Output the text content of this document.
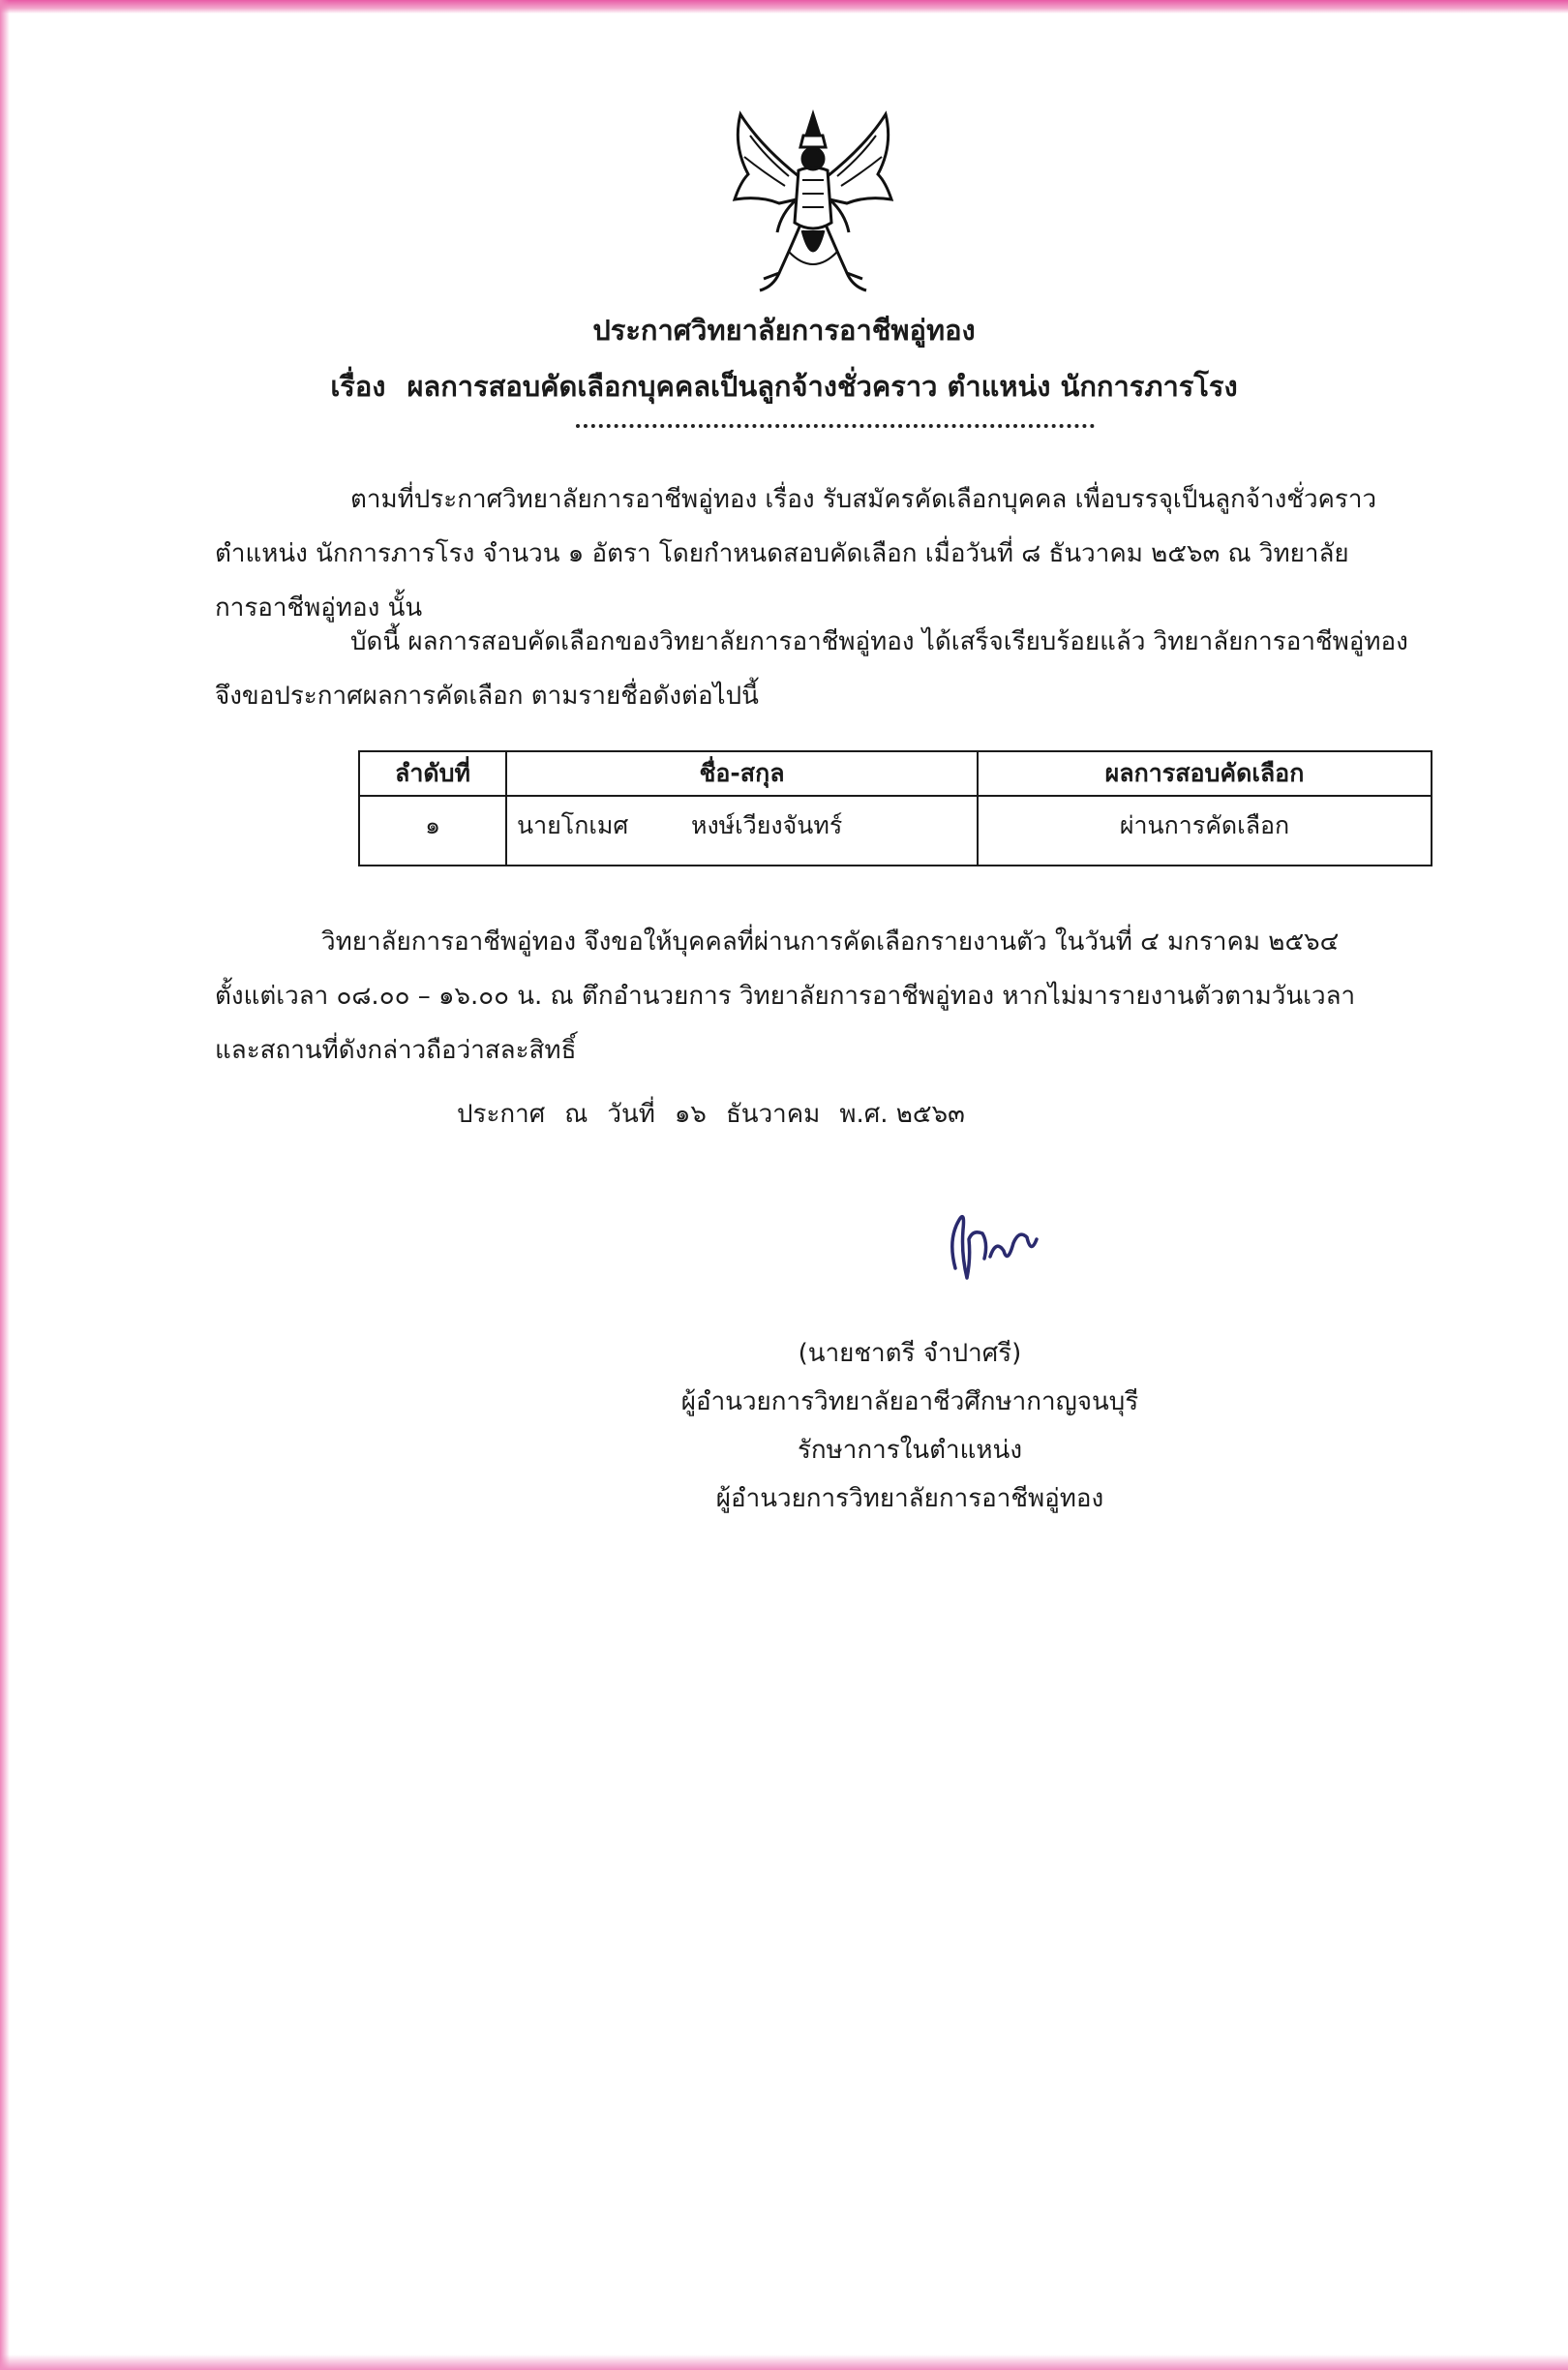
ประกาศวิทยาลัยการอาชีพอู่ทอง
เรื่อง ผลการสอบคัดเลือกบุคคลเป็นลูกจ้างชั่วคราว ตำแหน่ง นักการภารโรง
ตามที่ประกาศวิทยาลัยการอาชีพอู่ทอง เรื่อง รับสมัครคัดเลือกบุคคล เพื่อบรรจุเป็นลูกจ้างชั่วคราว
ตำแหน่ง นักการภารโรง จำนวน ๑ อัตรา โดยกำหนดสอบคัดเลือก เมื่อวันที่ ๘ ธันวาคม ๒๕๖๓ ณ วิทยาลัย
การอาชีพอู่ทอง นั้น
บัดนี้ ผลการสอบคัดเลือกของวิทยาลัยการอาชีพอู่ทอง ได้เสร็จเรียบร้อยแล้ว วิทยาลัยการอาชีพอู่ทอง
จึงขอประกาศผลการคัดเลือก ตามรายชื่อดังต่อไปนี้
ลำดับที่	ชื่อ-สกุล	ผลการสอบคัดเลือก
๑	นายโกเมศ หงษ์เวียงจันทร์	ผ่านการคัดเลือก
วิทยาลัยการอาชีพอู่ทอง จึงขอให้บุคคลที่ผ่านการคัดเลือกรายงานตัว ในวันที่ ๔ มกราคม ๒๕๖๔
ตั้งแต่เวลา ๐๘.๐๐ – ๑๖.๐๐ น. ณ ตึกอำนวยการ วิทยาลัยการอาชีพอู่ทอง หากไม่มารายงานตัวตามวันเวลา
และสถานที่ดังกล่าวถือว่าสละสิทธิ์
ประกาศ ณ วันที่ ๑๖ ธันวาคม พ.ศ. ๒๕๖๓
(นายชาตรี จำปาศรี)
ผู้อำนวยการวิทยาลัยอาชีวศึกษากาญจนบุรี
รักษาการในตำแหน่ง
ผู้อำนวยการวิทยาลัยการอาชีพอู่ทอง
